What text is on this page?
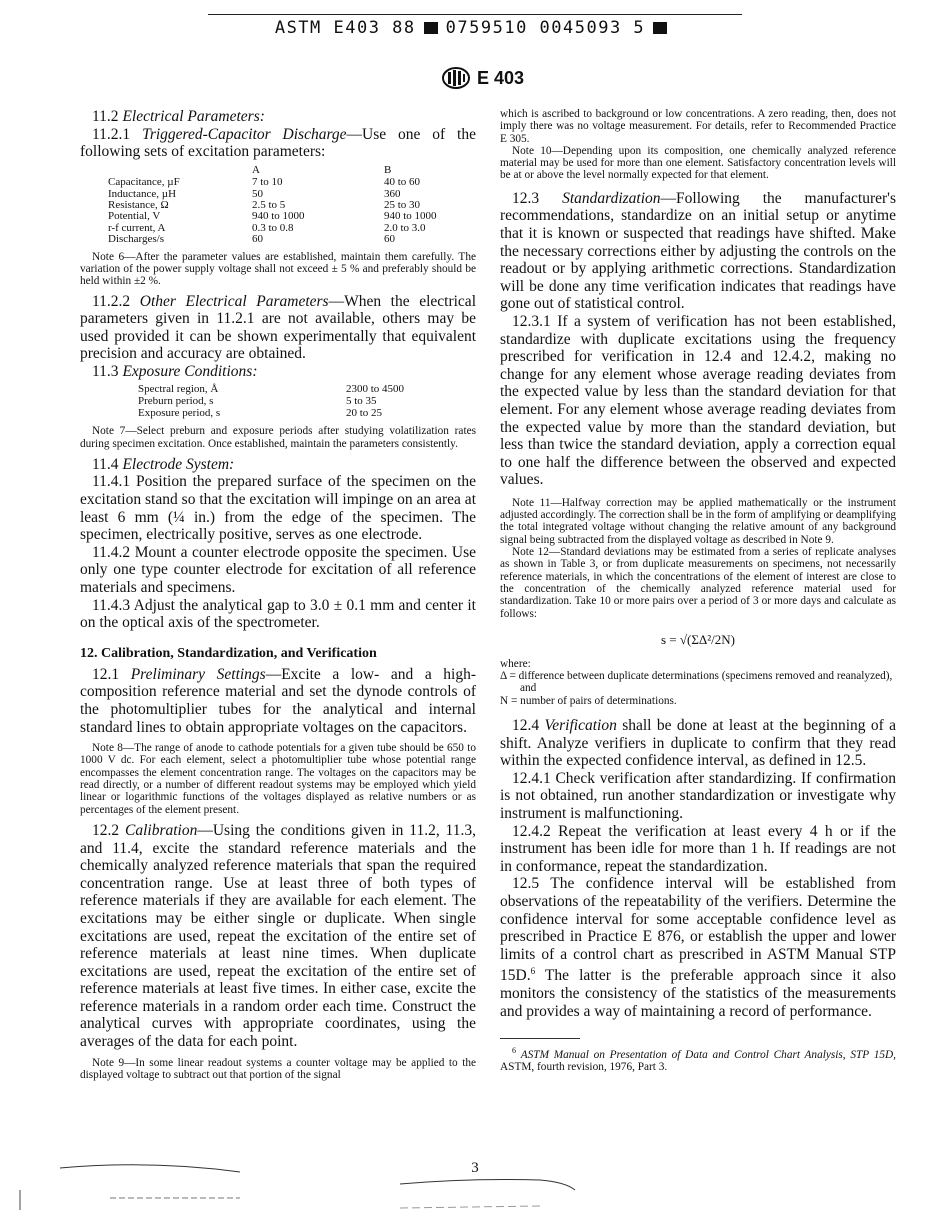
ASTM E403 88 0759510 0045093 5
E 403

11.2 Electrical Parameters:

11.2.1 Triggered-Capacitor Discharge—Use one of the following sets of excitation parameters:

	A	B
Capacitance, µF	7 to 10	40 to 60
Inductance, µH	50	360
Resistance, Ω	2.5 to 5	25 to 30
Potential, V	940 to 1000	940 to 1000
r-f current, A	0.3 to 0.8	2.0 to 3.0
Discharges/s	60	60

Note 6—After the parameter values are established, maintain them carefully. The variation of the power supply voltage shall not exceed ± 5 % and preferably should be held within ±2 %.

11.2.2 Other Electrical Parameters—When the electrical parameters given in 11.2.1 are not available, others may be used provided it can be shown experimentally that equivalent precision and accuracy are obtained.

11.3 Exposure Conditions:

Spectral region, Å	2300 to 4500
Preburn period, s	5 to 35
Exposure period, s	20 to 25

Note 7—Select preburn and exposure periods after studying volatilization rates during specimen excitation. Once established, maintain the parameters consistently.

11.4 Electrode System:

11.4.1 Position the prepared surface of the specimen on the excitation stand so that the excitation will impinge on an area at least 6 mm (¼ in.) from the edge of the specimen. The specimen, electrically positive, serves as one electrode.

11.4.2 Mount a counter electrode opposite the specimen. Use only one type counter electrode for excitation of all reference materials and specimens.

11.4.3 Adjust the analytical gap to 3.0 ± 0.1 mm and center it on the optical axis of the spectrometer.

12. Calibration, Standardization, and Verification

12.1 Preliminary Settings—Excite a low- and a high-composition reference material and set the dynode controls of the photomultiplier tubes for the analytical and internal standard lines to obtain appropriate voltages on the capacitors.

Note 8—The range of anode to cathode potentials for a given tube should be 650 to 1000 V dc. For each element, select a photomultiplier tube whose potential range encompasses the element concentration range. The voltages on the capacitors may be read directly, or a number of different readout systems may be employed which yield linear or logarithmic functions of the voltages displayed as relative numbers or as percentages of the element present.

12.2 Calibration—Using the conditions given in 11.2, 11.3, and 11.4, excite the standard reference materials and the chemically analyzed reference materials that span the required concentration range. Use at least three of both types of reference materials if they are available for each element. The excitations may be either single or duplicate. When single excitations are used, repeat the excitation of the entire set of reference materials at least nine times. When duplicate excitations are used, repeat the excitation of the entire set of reference materials at least five times. In either case, excite the reference materials in a random order each time. Construct the analytical curves with appropriate coordinates, using the averages of the data for each point.

Note 9—In some linear readout systems a counter voltage may be applied to the displayed voltage to subtract out that portion of the signal

which is ascribed to background or low concentrations. A zero reading, then, does not imply there was no voltage measurement. For details, refer to Recommended Practice E 305.

Note 10—Depending upon its composition, one chemically analyzed reference material may be used for more than one element. Satisfactory concentration levels will be at or above the level normally expected for that element.

12.3 Standardization—Following the manufacturer's recommendations, standardize on an initial setup or anytime that it is known or suspected that readings have shifted. Make the necessary corrections either by adjusting the controls on the readout or by applying arithmetic corrections. Standardization will be done any time verification indicates that readings have gone out of statistical control.

12.3.1 If a system of verification has not been established, standardize with duplicate excitations using the frequency prescribed for verification in 12.4 and 12.4.2, making no change for any element whose average reading deviates from the expected value by less than the standard deviation for that element. For any element whose average reading deviates from the expected value by more than the standard deviation, but less than twice the standard deviation, apply a correction equal to one half the difference between the observed and expected values.

Note 11—Halfway correction may be applied mathematically or the instrument adjusted accordingly. The correction shall be in the form of amplifying or deamplifying the total integrated voltage without changing the relative amount of any background signal being subtracted from the displayed voltage as described in Note 9.

Note 12—Standard deviations may be estimated from a series of replicate analyses as shown in Table 3, or from duplicate measurements on specimens, not necessarily reference materials, in which the concentrations of the element of interest are close to the concentration of the chemically analyzed reference material used for standardization. Take 10 or more pairs over a period of 3 or more days and calculate as follows:

s = √(ΣΔ²/2N)

where:

Δ = difference between duplicate determinations (specimens removed and reanalyzed), and

N = number of pairs of determinations.

12.4 Verification shall be done at least at the beginning of a shift. Analyze verifiers in duplicate to confirm that they read within the expected confidence interval, as defined in 12.5.

12.4.1 Check verification after standardizing. If confirmation is not obtained, run another standardization or investigate why instrument is malfunctioning.

12.4.2 Repeat the verification at least every 4 h or if the instrument has been idle for more than 1 h. If readings are not in conformance, repeat the standardization.

12.5 The confidence interval will be established from observations of the repeatability of the verifiers. Determine the confidence interval for some acceptable confidence level as prescribed in Practice E 876, or establish the upper and lower limits of a control chart as prescribed in ASTM Manual STP 15D.$^6$ The latter is the preferable approach since it also monitors the consistency of the statistics of the measurements and provides a way of maintaining a record of performance.

$^6$ ASTM Manual on Presentation of Data and Control Chart Analysis, STP 15D, ASTM, fourth revision, 1976, Part 3.

3
